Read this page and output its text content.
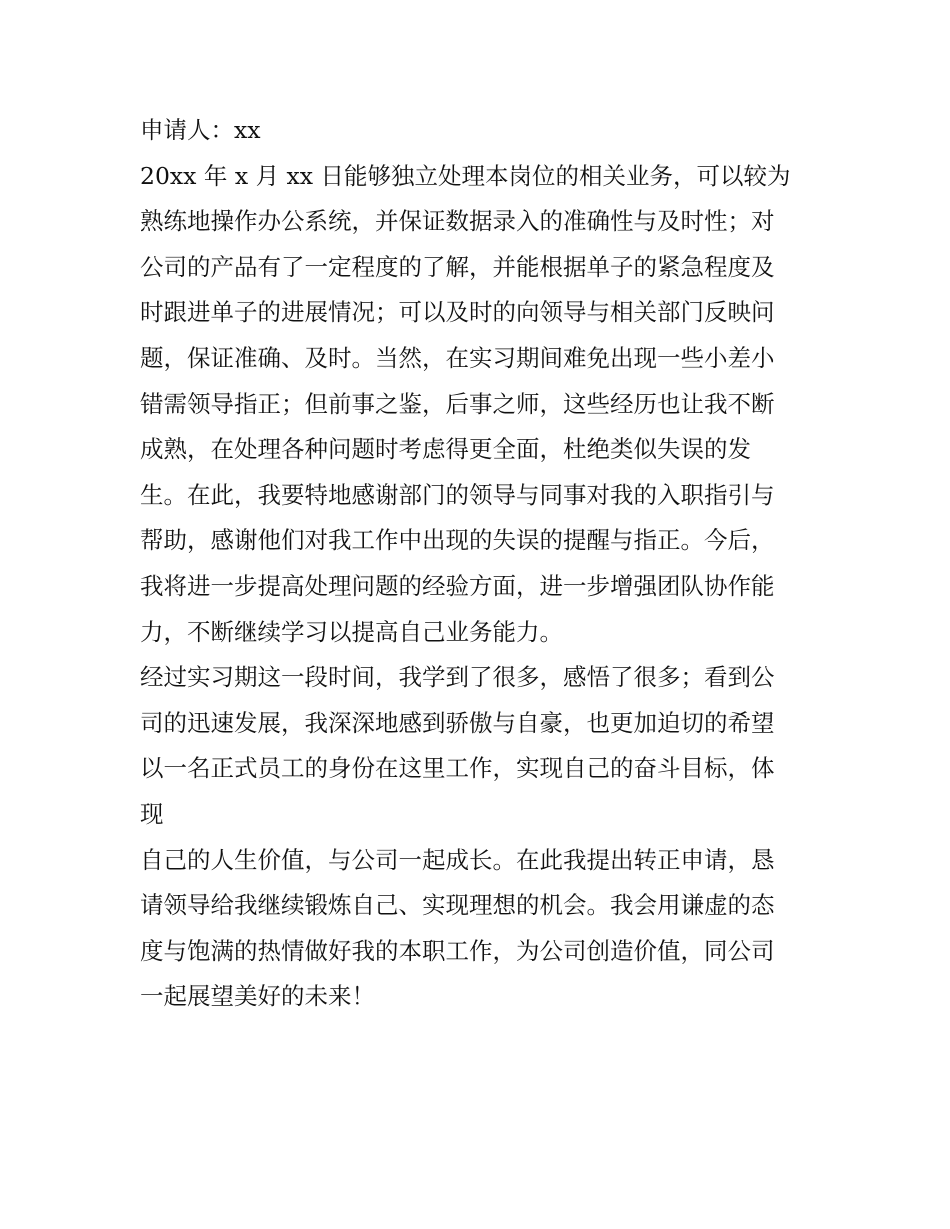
申请人：xx
20xx 年 x 月 xx 日能够独立处理本岗位的相关业务，可以较为
熟练地操作办公系统，并保证数据录入的准确性与及时性；对
公司的产品有了一定程度的了解，并能根据单子的紧急程度及
时跟进单子的进展情况；可以及时的向领导与相关部门反映问
题，保证准确、及时。当然，在实习期间难免出现一些小差小
错需领导指正；但前事之鉴，后事之师，这些经历也让我不断
成熟，在处理各种问题时考虑得更全面，杜绝类似失误的发
生。在此，我要特地感谢部门的领导与同事对我的入职指引与
帮助，感谢他们对我工作中出现的失误的提醒与指正。今后，
我将进一步提高处理问题的经验方面，进一步增强团队协作能
力，不断继续学习以提高自己业务能力。
经过实习期这一段时间，我学到了很多，感悟了很多；看到公
司的迅速发展，我深深地感到骄傲与自豪，也更加迫切的希望
以一名正式员工的身份在这里工作，实现自己的奋斗目标，体
现
自己的人生价值，与公司一起成长。在此我提出转正申请，恳
请领导给我继续锻炼自己、实现理想的机会。我会用谦虚的态
度与饱满的热情做好我的本职工作，为公司创造价值，同公司
一起展望美好的未来！
